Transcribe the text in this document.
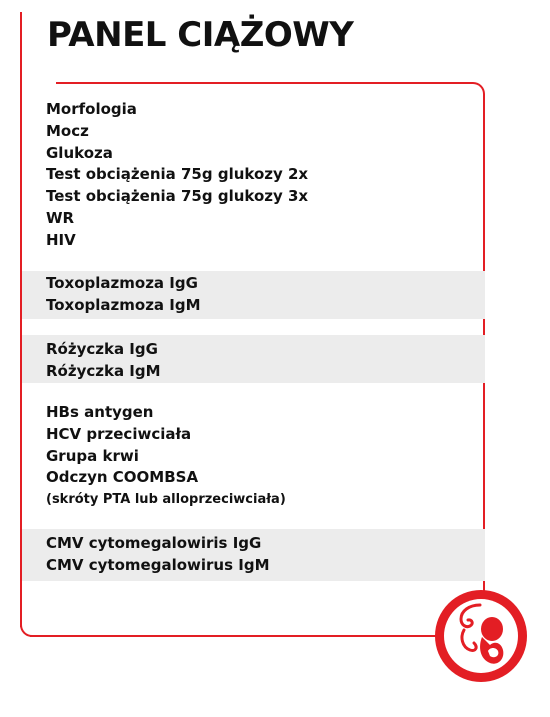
PANEL CIĄŻOWY
Morfologia
Mocz
Glukoza
Test obciążenia 75g glukozy 2x
Test obciążenia 75g glukozy 3x
WR
HIV
Toxoplazmoza IgG
Toxoplazmoza IgM
Różyczka IgG
Różyczka IgM
HBs antygen
HCV przeciwciała
Grupa krwi
Odczyn COOMBSA
(skróty PTA lub alloprzeciwciała)
CMV cytomegalowiris IgG
CMV cytomegalowirus IgM
